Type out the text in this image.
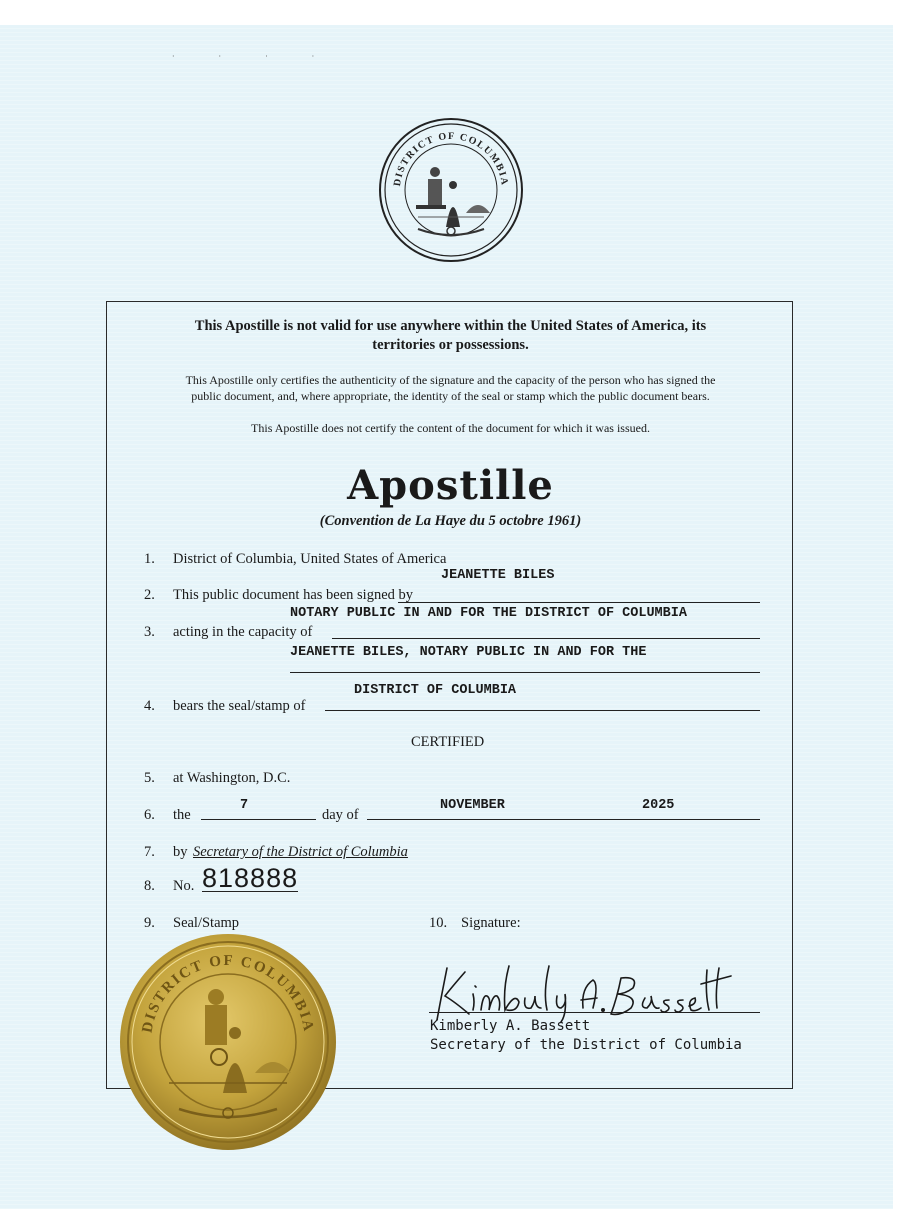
····
DISTRICT OF COLUMBIA
This Apostille is not valid for use anywhere within the United States of America, its
territories or possessions.
This Apostille only certifies the authenticity of the signature and the capacity of the person who has signed the
public document, and, where appropriate, the identity of the seal or stamp which the public document bears.
This Apostille does not certify the content of the document for which it was issued.
Apostille
(Convention de La Haye du 5 octobre 1961)
1. District of Columbia, United States of America
JEANETTE BILES
2. This public document has been signed by
NOTARY PUBLIC IN AND FOR THE DISTRICT OF COLUMBIA
3. acting in the capacity of
JEANETTE BILES, NOTARY PUBLIC IN AND FOR THE
DISTRICT OF COLUMBIA
4. bears the seal/stamp of
CERTIFIED
5. at Washington, D.C.
7	NOVEMBER	2025
6. the	day of
7. by Secretary of the District of Columbia
8. No. 818888
9. Seal/Stamp	10. Signature:
Kimberly A. Bassett
Secretary of the District of Columbia
DISTRICT OF COLUMBIA
